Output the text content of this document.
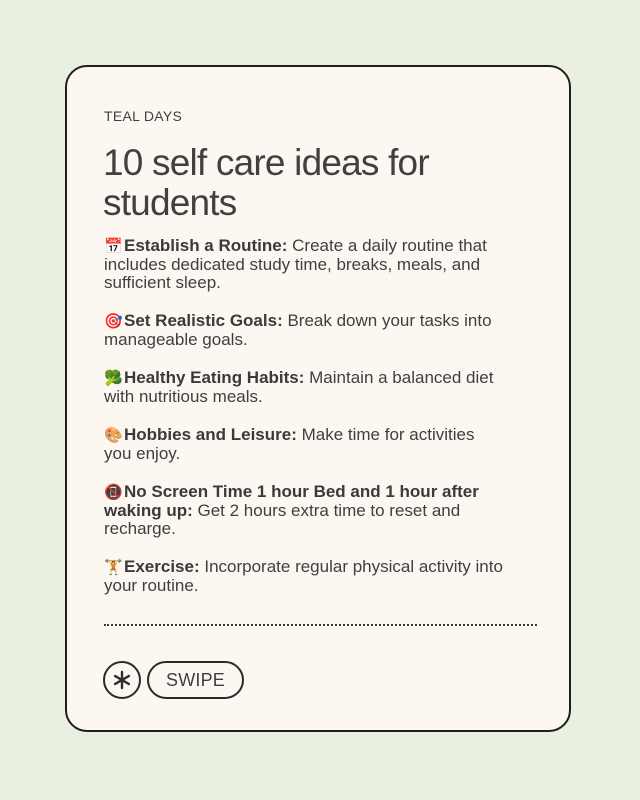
TEAL DAYS
10 self care ideas for students
📅Establish a Routine: Create a daily routine that includes dedicated study time, breaks, meals, and sufficient sleep.
🎯Set Realistic Goals: Break down your tasks into manageable goals.
🥦Healthy Eating Habits: Maintain a balanced diet with nutritious meals.
🎨Hobbies and Leisure: Make time for activities you enjoy.
📵No Screen Time 1 hour Bed and 1 hour after waking up: Get 2 hours extra time to reset and recharge.
🏋Exercise: Incorporate regular physical activity into your routine.
SWIPE
